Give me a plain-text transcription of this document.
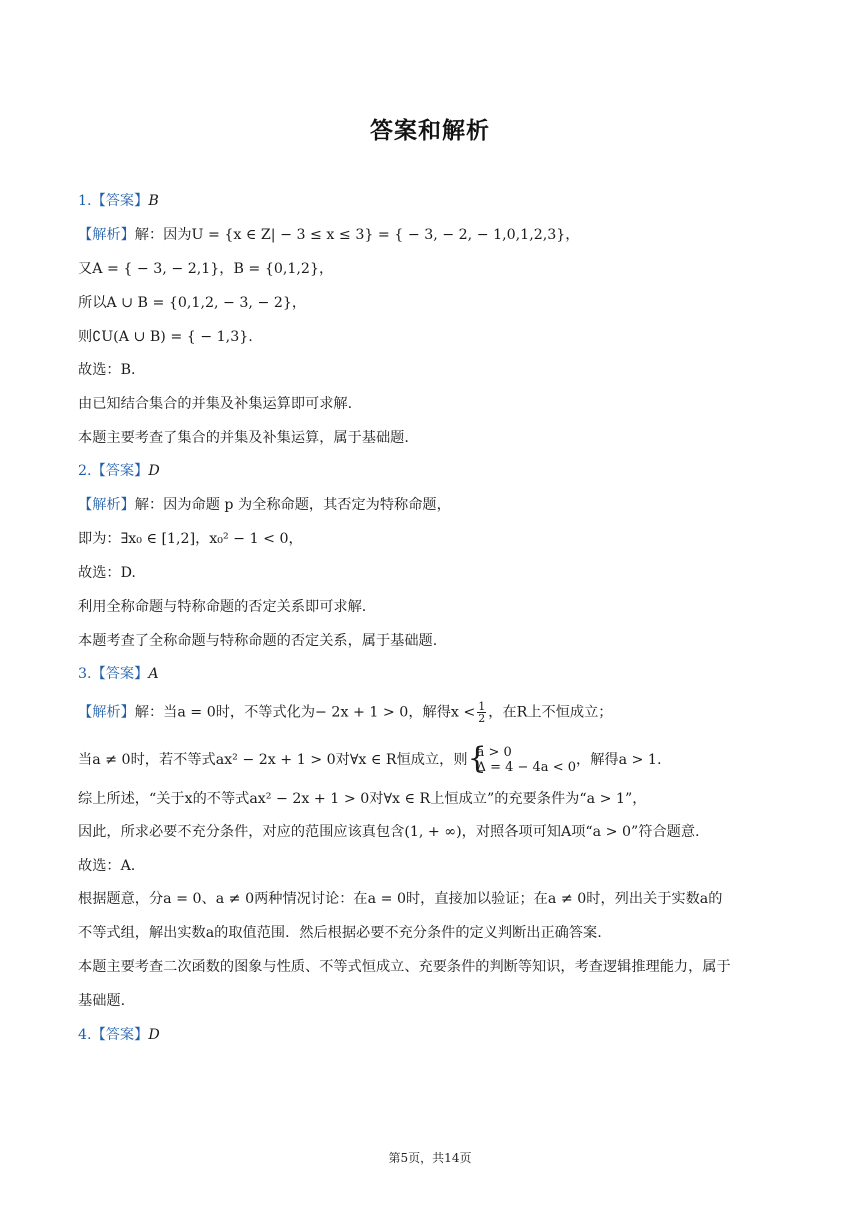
答案和解析
1.【答案】B
【解析】解：因为U = {x ∈ Z| − 3 ≤ x ≤ 3} = { − 3, − 2, − 1,0,1,2,3}，
又A = { − 3, − 2,1}，B = {0,1,2}，
所以A ∪ B = {0,1,2, − 3, − 2}，
则∁U(A ∪ B) = { − 1,3}.
故选：B.
由已知结合集合的并集及补集运算即可求解.
本题主要考查了集合的并集及补集运算，属于基础题.
2.【答案】D
【解析】解：因为命题 p 为全称命题，其否定为特称命题，
即为：∃x₀ ∈ [1,2]，x₀² − 1 < 0，
故选：D.
利用全称命题与特称命题的否定关系即可求解.
本题考查了全称命题与特称命题的否定关系，属于基础题.
3.【答案】A
【解析】解：当a = 0时，不等式化为− 2x + 1 > 0，解得$x < \frac{1}{2}$ ，在R上不恒成立；
当a ≠ 0时，若不等式ax² − 2x + 1 > 0对∀x ∈ R恒成立，则 {
a > 0
Δ = 4 − 4a < 0 ，解得a > 1.
综上所述，“关于x的不等式ax² − 2x + 1 > 0对∀x ∈ R上恒成立”的充要条件为“a > 1”，
因此，所求必要不充分条件，对应的范围应该真包含(1, + ∞)，对照各项可知A项“a > 0”符合题意.
故选：A.
根据题意，分a = 0、a ≠ 0两种情况讨论：在a = 0时，直接加以验证；在a ≠ 0时，列出关于实数a的
不等式组，解出实数a的取值范围．然后根据必要不充分条件的定义判断出正确答案.
本题主要考查二次函数的图象与性质、不等式恒成立、充要条件的判断等知识，考查逻辑推理能力，属于
基础题.
4.【答案】D
第5页，共14页
